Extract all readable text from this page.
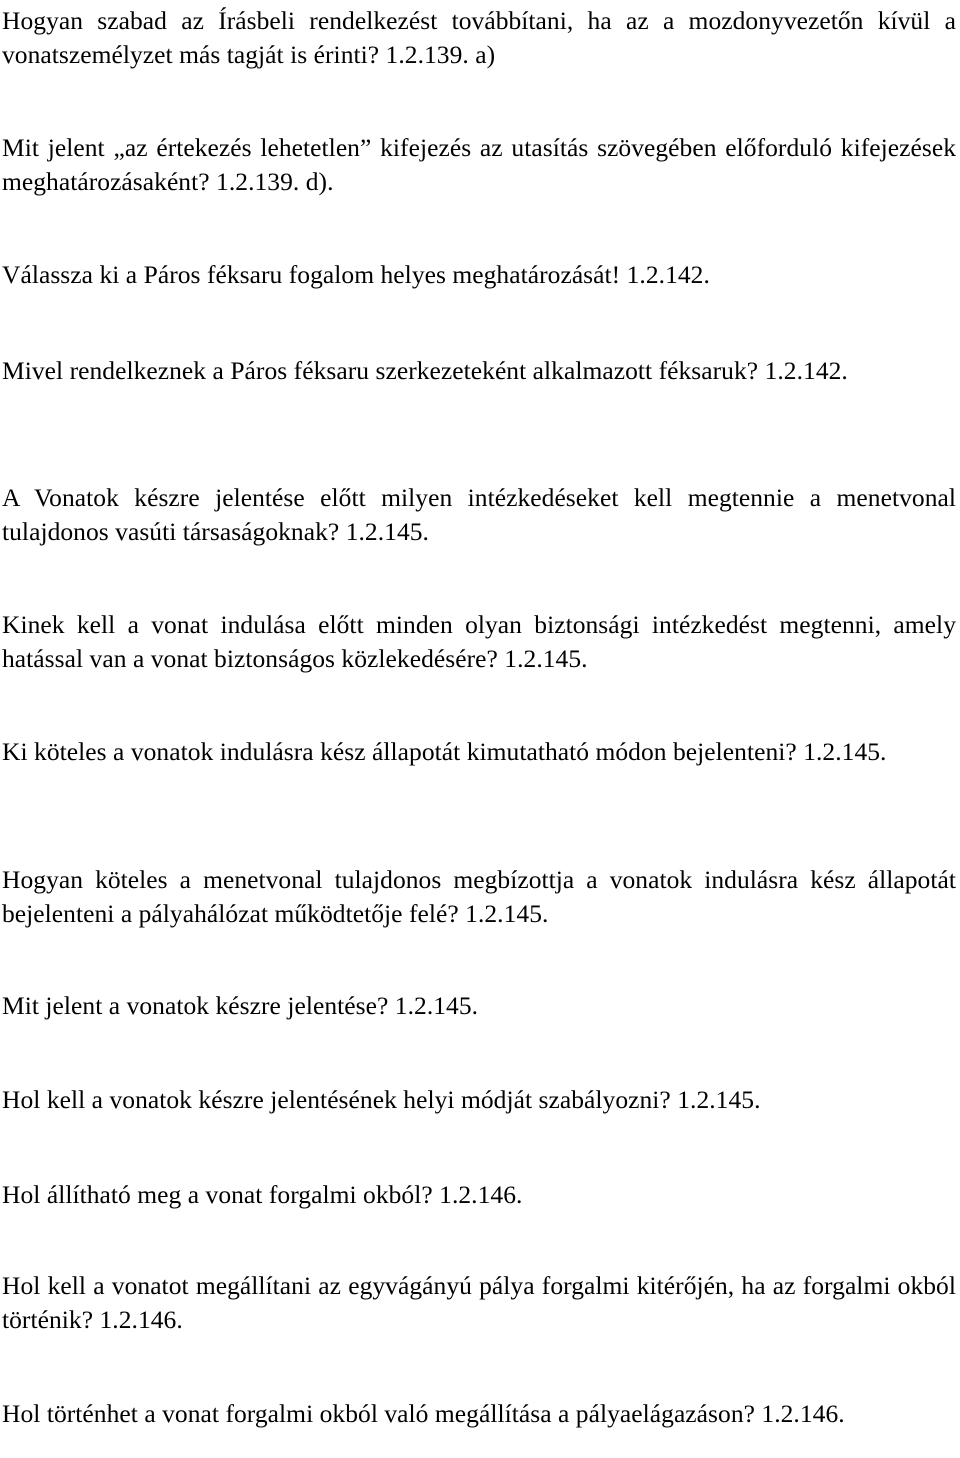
Hogyan szabad az Írásbeli rendelkezést továbbítani, ha az a mozdonyvezetőn kívül a vonatszemélyzet más tagját is érinti? 1.2.139. a)

Mit jelent „az értekezés lehetetlen” kifejezés az utasítás szövegében előforduló kifejezések meghatározásaként? 1.2.139. d).

Válassza ki a Páros féksaru fogalom helyes meghatározását! 1.2.142.

Mivel rendelkeznek a Páros féksaru szerkezeteként alkalmazott féksaruk? 1.2.142.

A Vonatok készre jelentése előtt milyen intézkedéseket kell megtennie a menetvonal tulajdonos vasúti társaságoknak? 1.2.145.

Kinek kell a vonat indulása előtt minden olyan biztonsági intézkedést megtenni, amely hatással van a vonat biztonságos közlekedésére? 1.2.145.

Ki köteles a vonatok indulásra kész állapotát kimutatható módon bejelenteni? 1.2.145.

Hogyan köteles a menetvonal tulajdonos megbízottja a vonatok indulásra kész állapotát bejelenteni a pályahálózat működtetője felé? 1.2.145.

Mit jelent a vonatok készre jelentése? 1.2.145.

Hol kell a vonatok készre jelentésének helyi módját szabályozni? 1.2.145.

Hol állítható meg a vonat forgalmi okból? 1.2.146.

Hol kell a vonatot megállítani az egyvágányú pálya forgalmi kitérőjén, ha az forgalmi okból történik? 1.2.146.

Hol történhet a vonat forgalmi okból való megállítása a pályaelágazáson? 1.2.146.
